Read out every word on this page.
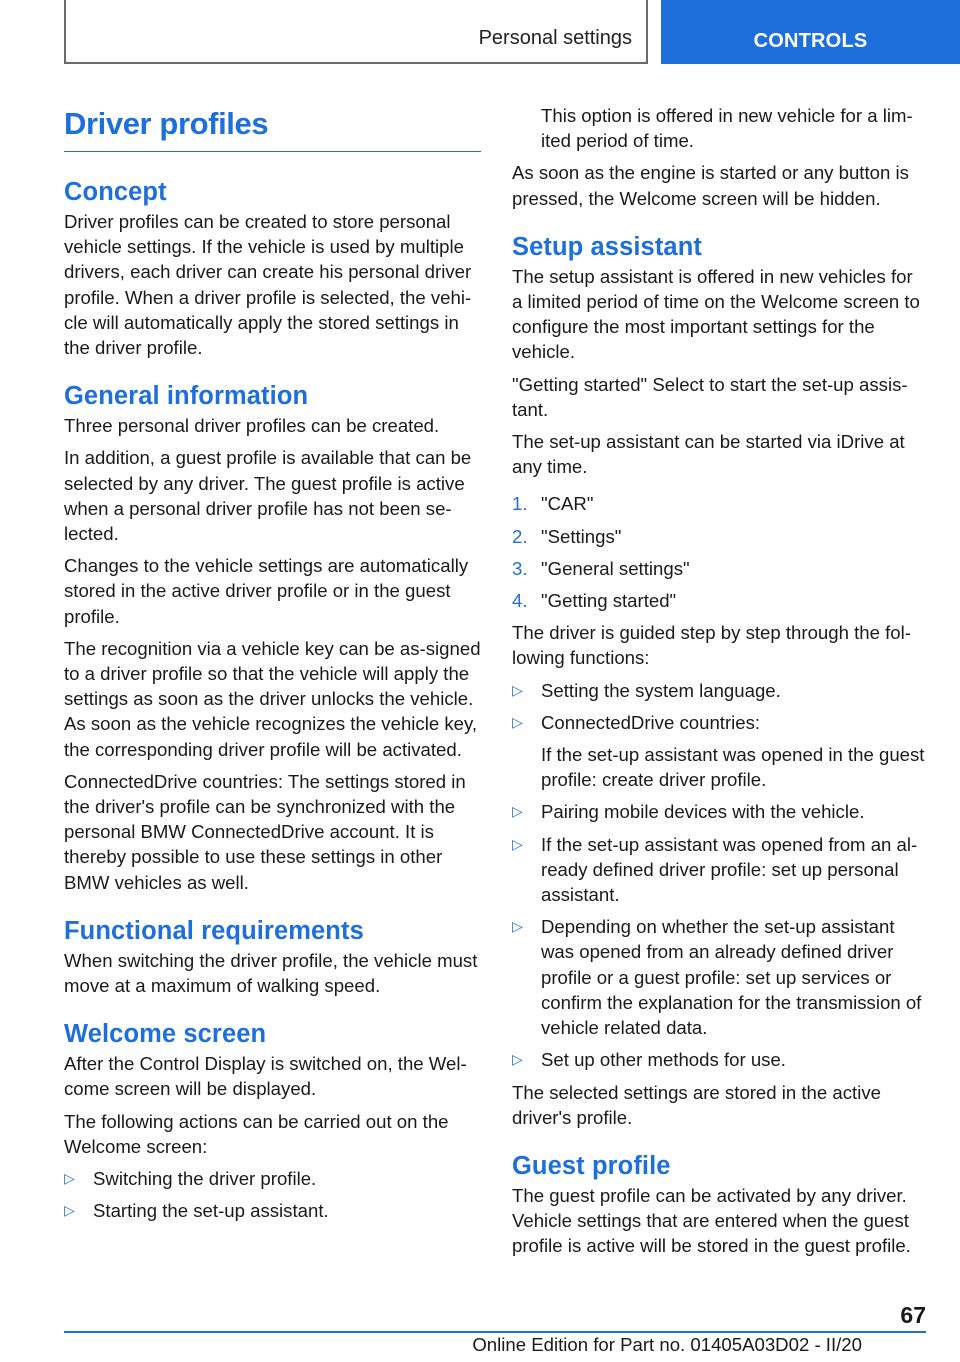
Personal settings	CONTROLS
Driver profiles
Concept

Driver profiles can be created to store personal vehicle settings. If the vehicle is used by multiple drivers, each driver can create his personal driver profile. When a driver profile is selected, the vehi-cle will automatically apply the stored settings in the driver profile.

General information

Three personal driver profiles can be created.

In addition, a guest profile is available that can be selected by any driver. The guest profile is active when a personal driver profile has not been se-lected.

Changes to the vehicle settings are automatically stored in the active driver profile or in the guest profile.

The recognition via a vehicle key can be as-signed to a driver profile so that the vehicle will apply the settings as soon as the driver unlocks the vehicle. As soon as the vehicle recognizes the vehicle key, the corresponding driver profile will be activated.

ConnectedDrive countries: The settings stored in the driver's profile can be synchronized with the personal BMW ConnectedDrive account. It is thereby possible to use these settings in other BMW vehicles as well.

Functional requirements

When switching the driver profile, the vehicle must move at a maximum of walking speed.

Welcome screen

After the Control Display is switched on, the Wel-come screen will be displayed.

The following actions can be carried out on the Welcome screen:

▷ Switching the driver profile.
▷ Starting the set-up assistant.

This option is offered in new vehicle for a lim-ited period of time.

As soon as the engine is started or any button is pressed, the Welcome screen will be hidden.

Setup assistant

The setup assistant is offered in new vehicles for a limited period of time on the Welcome screen to configure the most important settings for the vehicle.

"Getting started" Select to start the set-up assis-tant.

The set-up assistant can be started via iDrive at any time.

1. "CAR"
2. "Settings"
3. "General settings"
4. "Getting started"

The driver is guided step by step through the fol-lowing functions:

▷ Setting the system language.
▷ ConnectedDrive countries:
If the set-up assistant was opened in the guest profile: create driver profile.
▷ Pairing mobile devices with the vehicle.
▷ If the set-up assistant was opened from an al-ready defined driver profile: set up personal assistant.
▷ Depending on whether the set-up assistant was opened from an already defined driver profile or a guest profile: set up services or confirm the explanation for the transmission of vehicle related data.
▷ Set up other methods for use.

The selected settings are stored in the active driver's profile.

Guest profile

The guest profile can be activated by any driver. Vehicle settings that are entered when the guest profile is active will be stored in the guest profile.

67
Online Edition for Part no. 01405A03D02 - II/20
